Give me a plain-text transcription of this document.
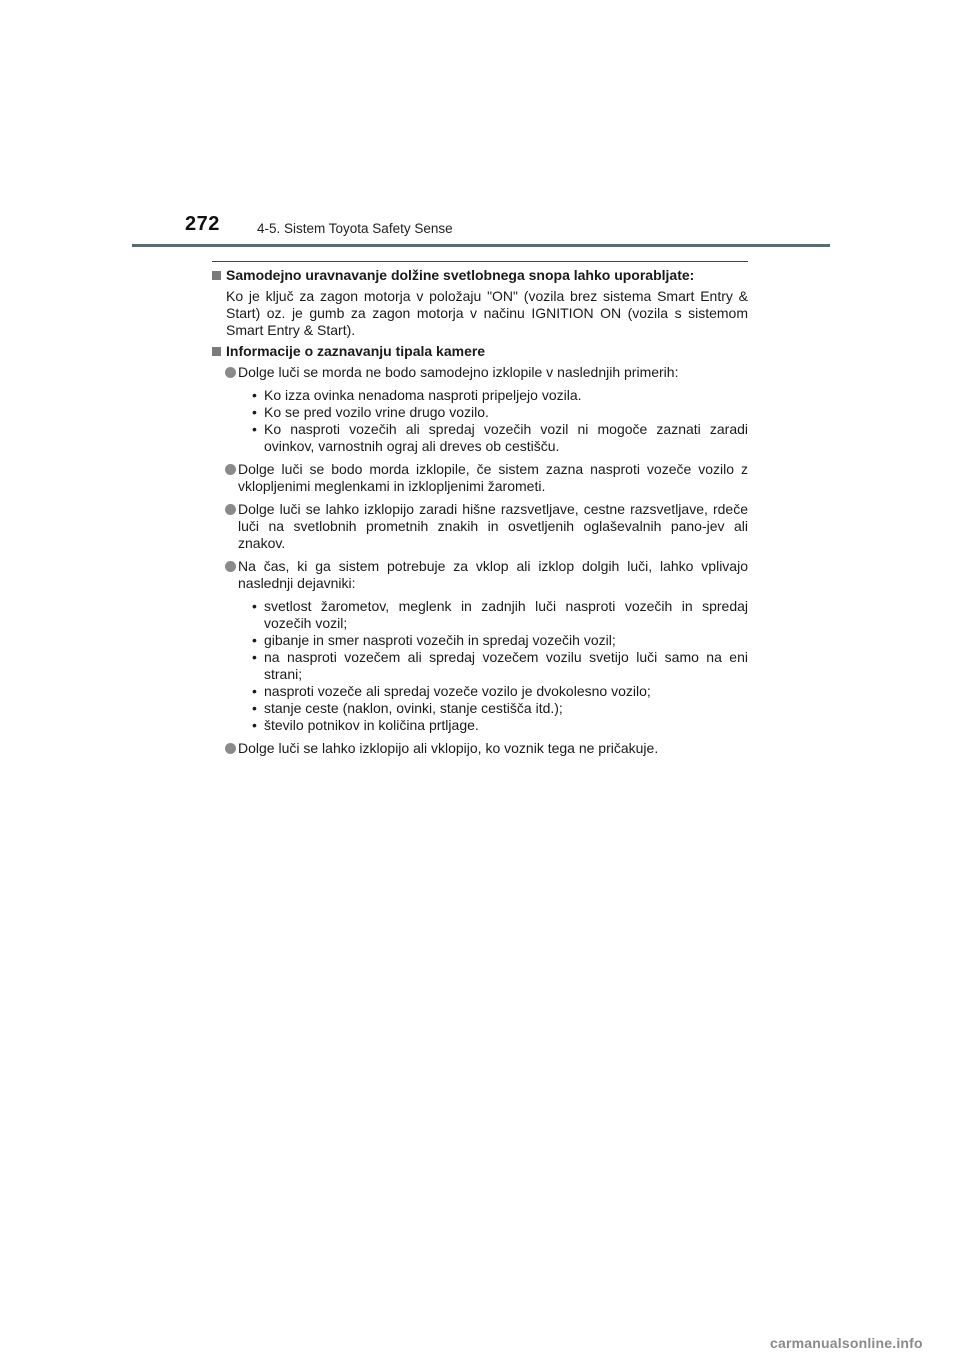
272	4-5. Sistem Toyota Safety Sense
Samodejno uravnavanje dolžine svetlobnega snopa lahko uporabljate:
Ko je ključ za zagon motorja v položaju "ON" (vozila brez sistema Smart Entry & Start) oz. je gumb za zagon motorja v načinu IGNITION ON (vozila s sistemom Smart Entry & Start).
Informacije o zaznavanju tipala kamere
Dolge luči se morda ne bodo samodejno izklopile v naslednjih primerih:
• Ko izza ovinka nenadoma nasproti pripeljejo vozila.
• Ko se pred vozilo vrine drugo vozilo.
• Ko nasproti vozečih ali spredaj vozečih vozil ni mogoče zaznati zaradi ovinkov, varnostnih ograj ali dreves ob cestišču.
Dolge luči se bodo morda izklopile, če sistem zazna nasproti vozeče vozilo z vklopljenimi meglenkami in izklopljenimi žarometi.
Dolge luči se lahko izklopijo zaradi hišne razsvetljave, cestne razsvetljave, rdeče luči na svetlobnih prometnih znakih in osvetljenih oglaševalnih pano-jev ali znakov.
Na čas, ki ga sistem potrebuje za vklop ali izklop dolgih luči, lahko vplivajo naslednji dejavniki:
• svetlost žarometov, meglenk in zadnjih luči nasproti vozečih in spredaj vozečih vozil;
• gibanje in smer nasproti vozečih in spredaj vozečih vozil;
• na nasproti vozečem ali spredaj vozečem vozilu svetijo luči samo na eni strani;
• nasproti vozeče ali spredaj vozeče vozilo je dvokolesno vozilo;
• stanje ceste (naklon, ovinki, stanje cestišča itd.);
• število potnikov in količina prtljage.
Dolge luči se lahko izklopijo ali vklopijo, ko voznik tega ne pričakuje.
carmanualsonline.info
